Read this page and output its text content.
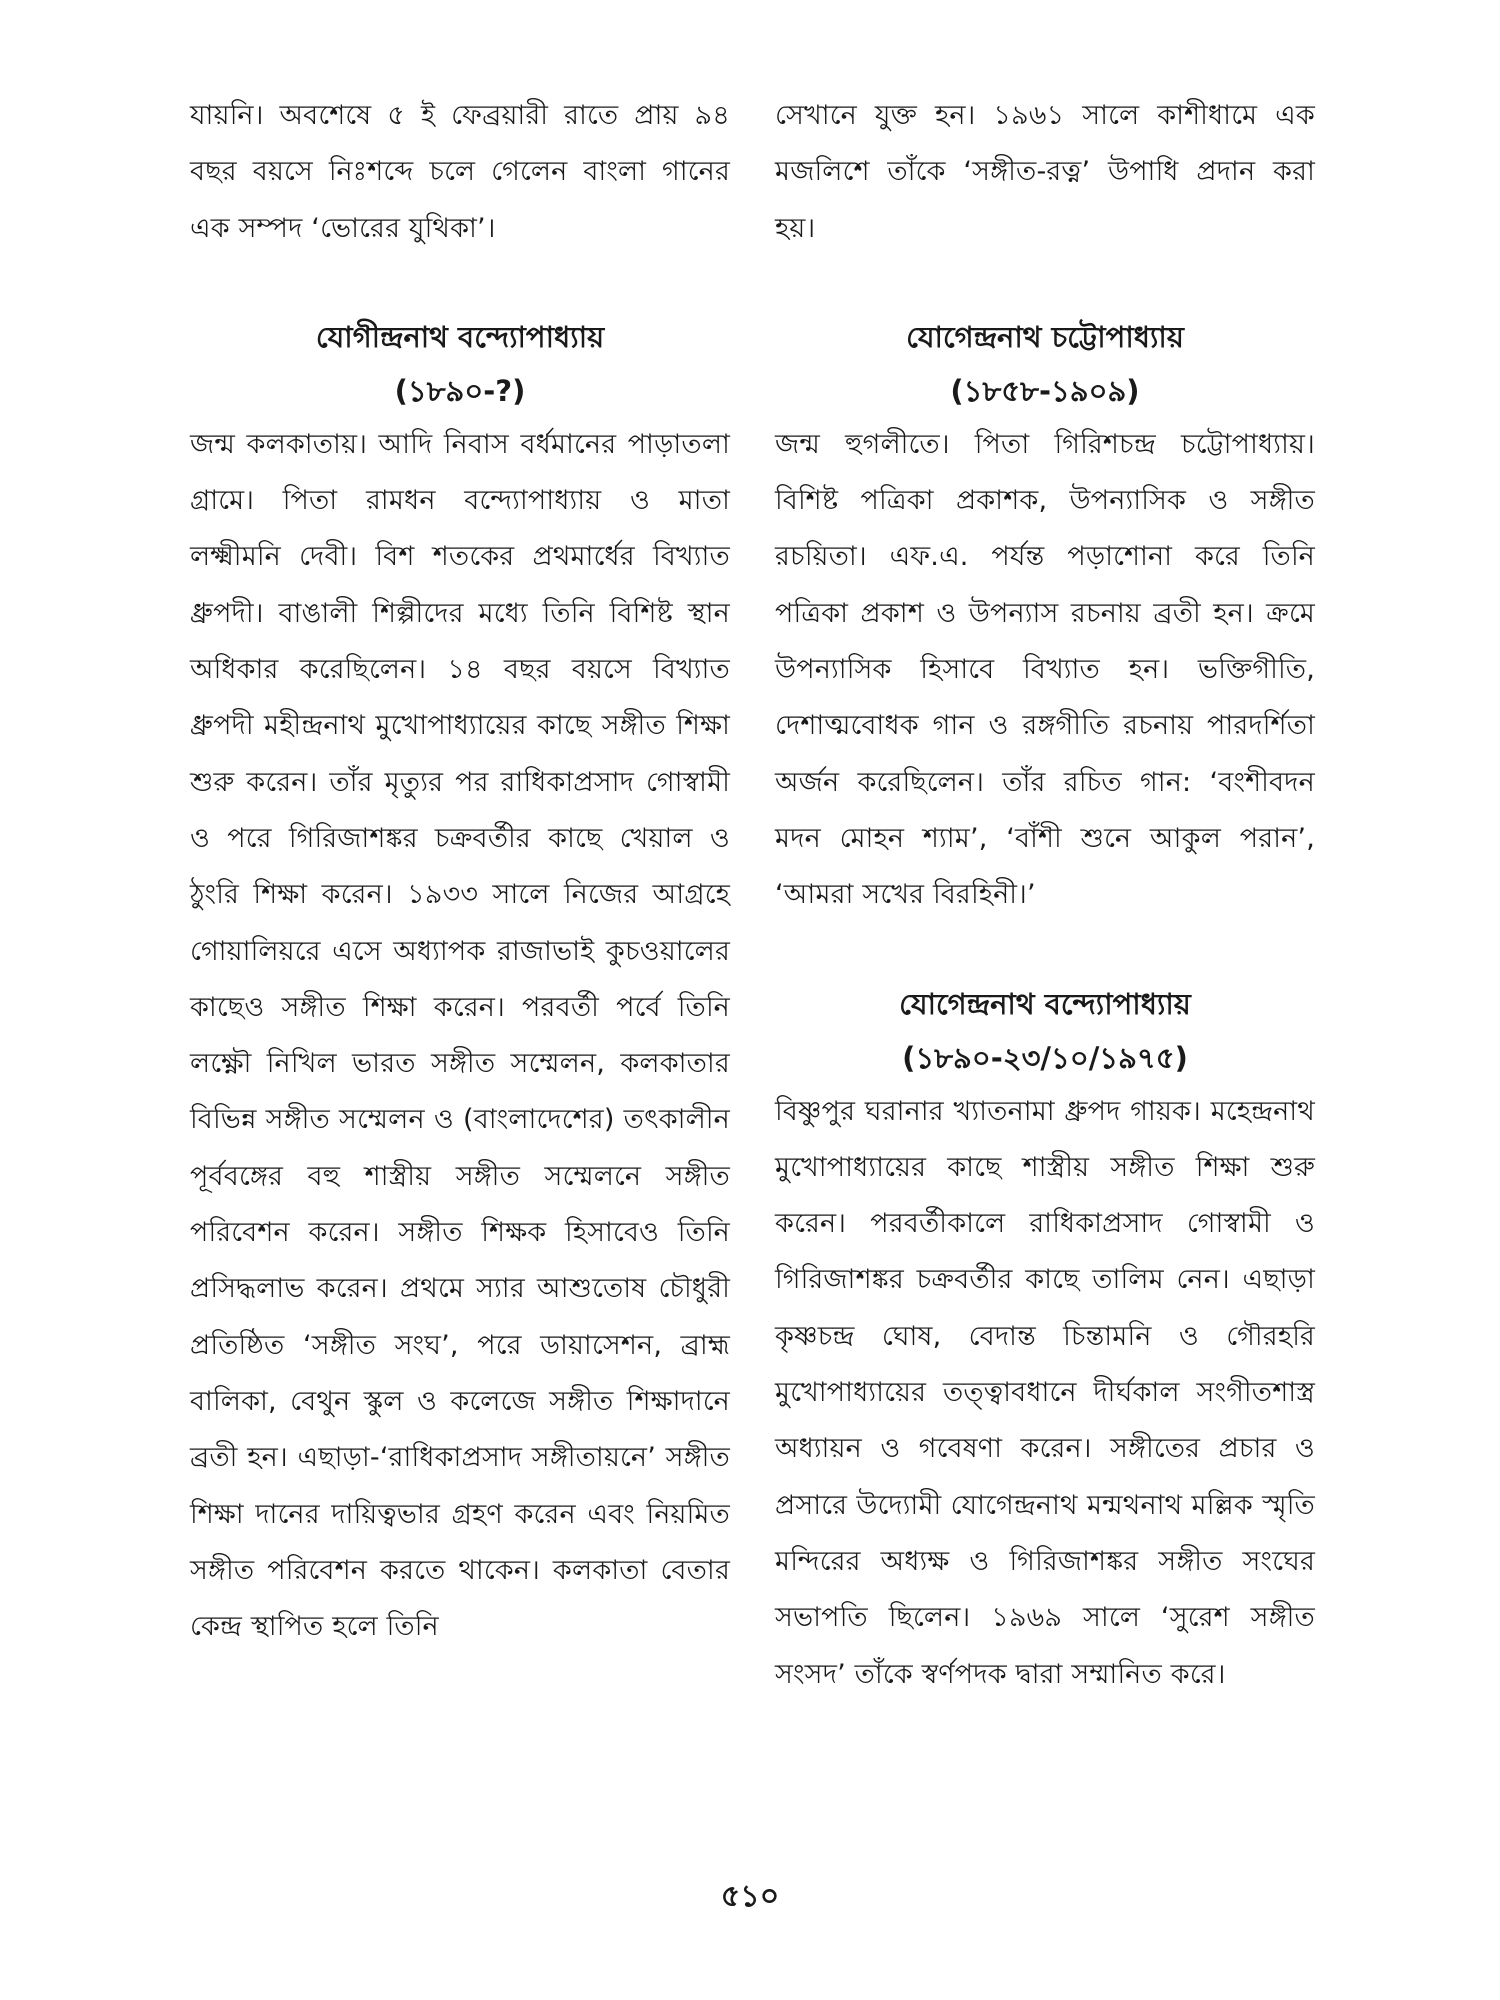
যায়নি। অবশেষে ৫ ই ফেব্রয়ারী রাতে প্রায় ৯৪ বছর বয়সে নিঃশব্দে চলে গেলেন বাংলা গানের এক সম্পদ ‘ভোরের যুথিকা’।

যোগীন্দ্রনাথ বন্দ্যোপাধ্যায়
(১৮৯০-?)

জন্ম কলকাতায়। আদি নিবাস বর্ধমানের পাড়াতলা গ্রামে। পিতা রামধন বন্দ্যোপাধ্যায় ও মাতা লক্ষ্মীমনি দেবী। বিশ শতকের প্রথমার্ধের বিখ্যাত ধ্রুপদী। বাঙালী শিল্পীদের মধ্যে তিনি বিশিষ্ট স্থান অধিকার করেছিলেন। ১৪ বছর বয়সে বিখ্যাত ধ্রুপদী মহীন্দ্রনাথ মুখোপাধ্যায়ের কাছে সঙ্গীত শিক্ষা শুরু করেন। তাঁর মৃত্যুর পর রাধিকাপ্রসাদ গোস্বামী ও পরে গিরিজাশঙ্কর চক্রবর্তীর কাছে খেয়াল ও ঠুংরি শিক্ষা করেন। ১৯৩৩ সালে নিজের আগ্রহে গোয়ালিয়রে এসে অধ্যাপক রাজাভাই কুচওয়ালের কাছেও সঙ্গীত শিক্ষা করেন। পরবর্তী পর্বে তিনি লক্ষ্ণৌ নিখিল ভারত সঙ্গীত সম্মেলন, কলকাতার বিভিন্ন সঙ্গীত সম্মেলন ও (বাংলাদেশের) তৎকালীন পূর্ববঙ্গের বহু শাস্ত্রীয় সঙ্গীত সম্মেলনে সঙ্গীত পরিবেশন করেন। সঙ্গীত শিক্ষক হিসাবেও তিনি প্রসিদ্ধলাভ করেন। প্রথমে স্যার আশুতোষ চৌধুরী প্রতিষ্ঠিত ‘সঙ্গীত সংঘ’, পরে ডায়াসেশন, ব্রাহ্ম বালিকা, বেথুন স্কুল ও কলেজে সঙ্গীত শিক্ষাদানে ব্রতী হন। এছাড়া-‘রাধিকাপ্রসাদ সঙ্গীতায়নে’ সঙ্গীত শিক্ষা দানের দায়িত্বভার গ্রহণ করেন এবং নিয়মিত সঙ্গীত পরিবেশন করতে থাকেন। কলকাতা বেতার কেন্দ্র স্থাপিত হলে তিনি

সেখানে যুক্ত হন। ১৯৬১ সালে কাশীধামে এক মজলিশে তাঁকে ‘সঙ্গীত-রত্ন’ উপাধি প্রদান করা হয়।

যোগেন্দ্রনাথ চট্টোপাধ্যায়
(১৮৫৮-১৯০৯)

জন্ম হুগলীতে। পিতা গিরিশচন্দ্র চট্টোপাধ্যায়। বিশিষ্ট পত্রিকা প্রকাশক, উপন্যাসিক ও সঙ্গীত রচয়িতা। এফ.এ. পর্যন্ত পড়াশোনা করে তিনি পত্রিকা প্রকাশ ও উপন্যাস রচনায় ব্রতী হন। ক্রমে উপন্যাসিক হিসাবে বিখ্যাত হন। ভক্তিগীতি, দেশাত্মবোধক গান ও রঙ্গগীতি রচনায় পারদর্শিতা অর্জন করেছিলেন। তাঁর রচিত গান: ‘বংশীবদন মদন মোহন শ্যাম’, ‘বাঁশী শুনে আকুল পরান’, ‘আমরা সখের বিরহিনী।’

যোগেন্দ্রনাথ বন্দ্যোপাধ্যায়
(১৮৯০-২৩/১০/১৯৭৫)

বিষ্ণুপুর ঘরানার খ্যাতনামা ধ্রুপদ গায়ক। মহেন্দ্রনাথ মুখোপাধ্যায়ের কাছে শাস্ত্রীয় সঙ্গীত শিক্ষা শুরু করেন। পরবর্তীকালে রাধিকাপ্রসাদ গোস্বামী ও গিরিজাশঙ্কর চক্রবর্তীর কাছে তালিম নেন। এছাড়া কৃষ্ণচন্দ্র ঘোষ, বেদান্ত চিন্তামনি ও গৌরহরি মুখোপাধ্যায়ের তত্ত্বাবধানে দীর্ঘকাল সংগীতশাস্ত্র অধ্যায়ন ও গবেষণা করেন। সঙ্গীতের প্রচার ও প্রসারে উদ্যোমী যোগেন্দ্রনাথ মন্মথনাথ মল্লিক স্মৃতি মন্দিরের অধ্যক্ষ ও গিরিজাশঙ্কর সঙ্গীত সংঘের সভাপতি ছিলেন। ১৯৬৯ সালে ‘সুরেশ সঙ্গীত সংসদ’ তাঁকে স্বর্ণপদক দ্বারা সম্মানিত করে।

৫১০
